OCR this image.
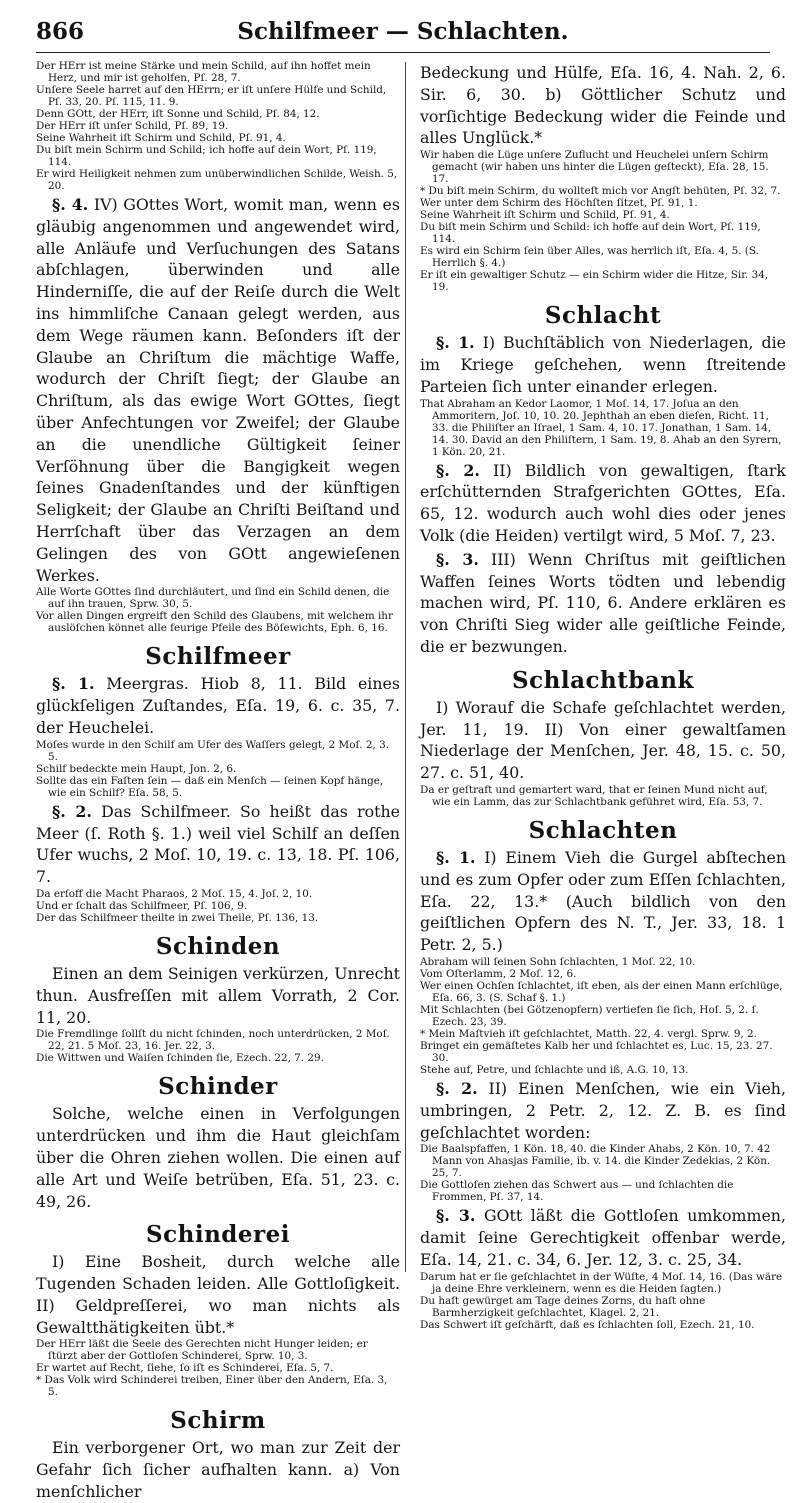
866	Schilfmeer — Schlachten.

Der HErr ist meine Stärke und mein Schild, auf ihn hoffet mein Herz, und mir ist geholfen, Pſ. 28, 7.

Unſere Seele harret auf den HErrn; er iſt unſere Hülfe und Schild, Pſ. 33, 20. Pſ. 115, 11. 9.

Denn GOtt, der HErr, iſt Sonne und Schild, Pſ. 84, 12.

Der HErr iſt unſer Schild, Pſ. 89, 19.

Seine Wahrheit iſt Schirm und Schild, Pſ. 91, 4.

Du biſt mein Schirm und Schild; ich hoffe auf dein Wort, Pſ. 119, 114.

Er wird Heiligkeit nehmen zum unüberwindlichen Schilde, Weish. 5, 20.

§. 4. IV) GOttes Wort, womit man, wenn es gläubig angenommen und angewendet wird, alle Anläufe und Verſuchungen des Satans abſchlagen, überwinden und alle Hinderniſſe, die auf der Reiſe durch die Welt ins himmliſche Canaan gelegt werden, aus dem Wege räumen kann. Beſonders iſt der Glaube an Chriſtum die mächtige Waffe, wodurch der Chriſt ſiegt; der Glaube an Chriſtum, als das ewige Wort GOttes, ſiegt über Anfechtungen vor Zweifel; der Glaube an die unendliche Gültigkeit ſeiner Verſöhnung über die Bangigkeit wegen ſeines Gnadenſtandes und der künftigen Seligkeit; der Glaube an Chriſti Beiſtand und Herrſchaft über das Verzagen an dem Gelingen des von GOtt angewieſenen Werkes.

Alle Worte GOttes ſind durchläutert, und ſind ein Schild denen, die auf ihn trauen, Sprw. 30, 5.

Vor allen Dingen ergreift den Schild des Glaubens, mit welchem ihr auslöſchen könnet alle feurige Pfeile des Böſewichts, Eph. 6, 16.

Schilfmeer

§. 1. Meergras. Hiob 8, 11. Bild eines glückſeligen Zuſtandes, Eſa. 19, 6. c. 35, 7. der Heuchelei.

Moſes wurde in den Schilf am Ufer des Waſſers gelegt, 2 Moſ. 2, 3. 5.

Schilf bedeckte mein Haupt, Jon. 2, 6.

Sollte das ein Faſten ſein — daß ein Menſch — ſeinen Kopf hänge, wie ein Schilf? Eſa. 58, 5.

§. 2. Das Schilfmeer. So heißt das rothe Meer (ſ. Roth §. 1.) weil viel Schilf an deſſen Ufer wuchs, 2 Moſ. 10, 19. c. 13, 18. Pſ. 106, 7.

Da erſoff die Macht Pharaos, 2 Moſ. 15, 4. Joſ. 2, 10.

Und er ſchalt das Schilfmeer, Pſ. 106, 9.

Der das Schilfmeer theilte in zwei Theile, Pſ. 136, 13.

Schinden

Einen an dem Seinigen verkürzen, Unrecht thun. Ausfreſſen mit allem Vorrath, 2 Cor. 11, 20.

Die Fremdlinge ſollſt du nicht ſchinden, noch unterdrücken, 2 Moſ. 22, 21. 5 Moſ. 23, 16. Jer. 22, 3.

Die Wittwen und Waiſen ſchinden ſie, Ezech. 22, 7. 29.

Schinder

Solche, welche einen in Verfolgungen unterdrücken und ihm die Haut gleichſam über die Ohren ziehen wollen. Die einen auf alle Art und Weiſe betrüben, Eſa. 51, 23. c. 49, 26.

Schinderei

I) Eine Bosheit, durch welche alle Tugenden Schaden leiden. Alle Gottloſigkeit. II) Geldpreſſerei, wo man nichts als Gewaltthätigkeiten übt.*

Der HErr läßt die Seele des Gerechten nicht Hunger leiden; er ſtürzt aber der Gottloſen Schinderei, Sprw. 10, 3.

Er wartet auf Recht, ſiehe, ſo iſt es Schinderei, Eſa. 5, 7.

* Das Volk wird Schinderei treiben, Einer über den Andern, Eſa. 3, 5.

Schirm

Ein verborgener Ort, wo man zur Zeit der Gefahr ſich ſicher aufhalten kann. a) Von menſchlicher

Bedeckung und Hülfe, Eſa. 16, 4. Nah. 2, 6. Sir. 6, 30. b) Göttlicher Schutz und vorſichtige Bedeckung wider die Feinde und alles Unglück.*

Wir haben die Lüge unſere Zuflucht und Heuchelei unſern Schirm gemacht (wir haben uns hinter die Lügen geſteckt), Eſa. 28, 15. 17.

* Du biſt mein Schirm, du wollteſt mich vor Angſt behüten, Pſ. 32, 7.

Wer unter dem Schirm des Höchſten ſitzet, Pſ. 91, 1.

Seine Wahrheit iſt Schirm und Schild, Pſ. 91, 4.

Du biſt mein Schirm und Schild: ich hoffe auf dein Wort, Pſ. 119, 114.

Es wird ein Schirm ſein über Alles, was herrlich iſt, Eſa. 4, 5. (S. Herrlich §. 4.)

Er iſt ein gewaltiger Schutz — ein Schirm wider die Hitze, Sir. 34, 19.

Schlacht

§. 1. I) Buchſtäblich von Niederlagen, die im Kriege geſchehen, wenn ſtreitende Parteien ſich unter einander erlegen.

That Abraham an Kedor Laomor, 1 Moſ. 14, 17. Joſua an den Ammoritern, Joſ. 10, 10. 20. Jephthah an eben dieſen, Richt. 11, 33. die Philiſter an Iſrael, 1 Sam. 4, 10. 17. Jonathan, 1 Sam. 14, 14. 30. David an den Philiſtern, 1 Sam. 19, 8. Ahab an den Syrern, 1 Kön. 20, 21.

§. 2. II) Bildlich von gewaltigen, ſtark erſchütternden Strafgerichten GOttes, Eſa. 65, 12. wodurch auch wohl dies oder jenes Volk (die Heiden) vertilgt wird, 5 Moſ. 7, 23.

§. 3. III) Wenn Chriſtus mit geiſtlichen Waffen ſeines Worts tödten und lebendig machen wird, Pſ. 110, 6. Andere erklären es von Chriſti Sieg wider alle geiſtliche Feinde, die er bezwungen.

Schlachtbank

I) Worauf die Schafe geſchlachtet werden, Jer. 11, 19. II) Von einer gewaltſamen Niederlage der Menſchen, Jer. 48, 15. c. 50, 27. c. 51, 40.

Da er geſtraft und gemartert ward, that er ſeinen Mund nicht auf, wie ein Lamm, das zur Schlachtbank geführet wird, Eſa. 53, 7.

Schlachten

§. 1. I) Einem Vieh die Gurgel abſtechen und es zum Opfer oder zum Eſſen ſchlachten, Eſa. 22, 13.* (Auch bildlich von den geiſtlichen Opfern des N. T., Jer. 33, 18. 1 Petr. 2, 5.)

Abraham will ſeinen Sohn ſchlachten, 1 Moſ. 22, 10.

Vom Oſterlamm, 2 Moſ. 12, 6.

Wer einen Ochſen ſchlachtet, iſt eben, als der einen Mann erſchlüge, Eſa. 66, 3. (S. Schaf §. 1.)

Mit Schlachten (bei Götzenopfern) vertiefen ſie ſich, Hoſ. 5, 2. ſ. Ezech. 23, 39.

* Mein Maſtvieh iſt geſchlachtet, Matth. 22, 4. vergl. Sprw. 9, 2.

Bringet ein gemäſtetes Kalb her und ſchlachtet es, Luc. 15, 23. 27. 30.

Stehe auf, Petre, und ſchlachte und iß, A.G. 10, 13.

§. 2. II) Einen Menſchen, wie ein Vieh, umbringen, 2 Petr. 2, 12. Z. B. es ſind geſchlachtet worden:

Die Baalspfaffen, 1 Kön. 18, 40. die Kinder Ahabs, 2 Kön. 10, 7. 42 Mann von Ahasjas Familie, ib. v. 14. die Kinder Zedekias, 2 Kön. 25, 7.

Die Gottloſen ziehen das Schwert aus — und ſchlachten die Frommen, Pſ. 37, 14.

§. 3. GOtt läßt die Gottloſen umkommen, damit ſeine Gerechtigkeit offenbar werde, Eſa. 14, 21. c. 34, 6. Jer. 12, 3. c. 25, 34.

Darum hat er ſie geſchlachtet in der Wüſte, 4 Moſ. 14, 16. (Das wäre ja deine Ehre verkleinern, wenn es die Heiden ſagten.)

Du haſt gewürget am Tage deines Zorns, du haſt ohne Barmherzigkeit geſchlachtet, Klagel. 2, 21.

Das Schwert iſt geſchärft, daß es ſchlachten ſoll, Ezech. 21, 10.
